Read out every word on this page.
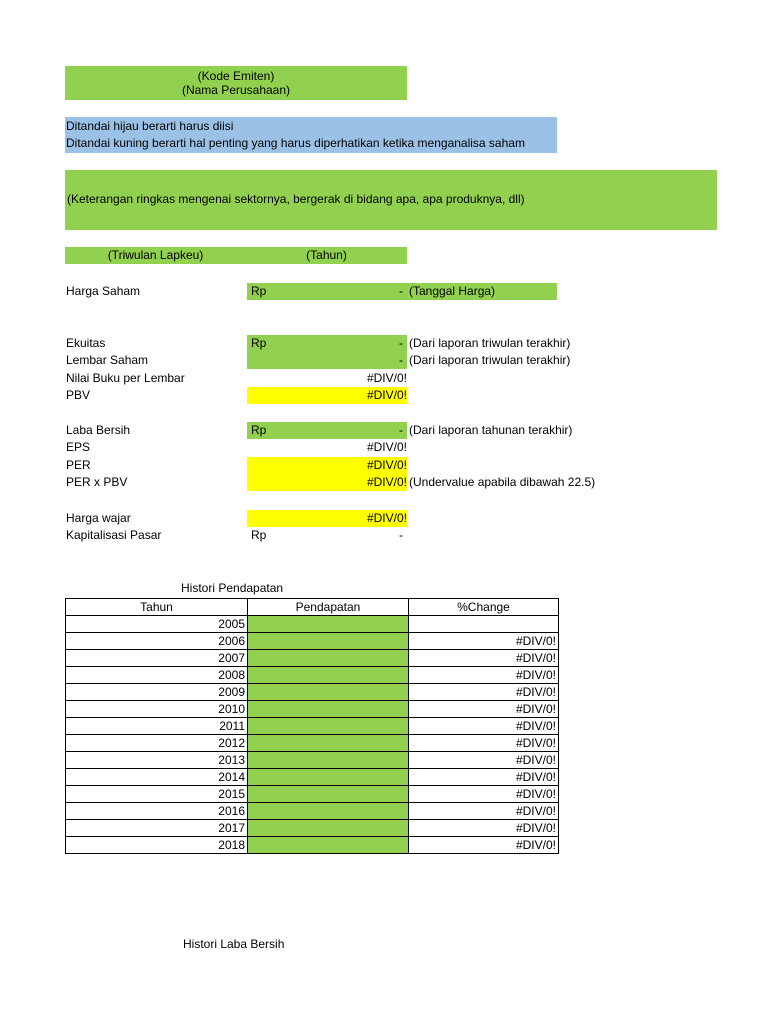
(Kode Emiten)
(Nama Perusahaan)
Ditandai hijau berarti harus diisi
Ditandai kuning berarti hal penting yang harus diperhatikan ketika menganalisa saham
(Keterangan ringkas mengenai sektornya, bergerak di bidang apa, apa produknya, dll)
(Triwulan Lapkeu)	(Tahun)
Harga Saham	Rp	- (Tanggal Harga)
Ekuitas	Rp	- (Dari laporan triwulan terakhir)
Lembar Saham	- (Dari laporan triwulan terakhir)
Nilai Buku per Lembar	#DIV/0!
PBV	#DIV/0!
Laba Bersih	Rp	- (Dari laporan tahunan terakhir)
EPS	#DIV/0!
PER	#DIV/0!
PER x PBV	#DIV/0! (Undervalue apabila dibawah 22.5)
Harga wajar	#DIV/0!
Kapitalisasi Pasar	Rp	-
Histori Pendapatan
Tahun	Pendapatan	%Change
2005		
2006		#DIV/0!
2007		#DIV/0!
2008		#DIV/0!
2009		#DIV/0!
2010		#DIV/0!
2011		#DIV/0!
2012		#DIV/0!
2013		#DIV/0!
2014		#DIV/0!
2015		#DIV/0!
2016		#DIV/0!
2017		#DIV/0!
2018		#DIV/0!
Histori Laba Bersih
